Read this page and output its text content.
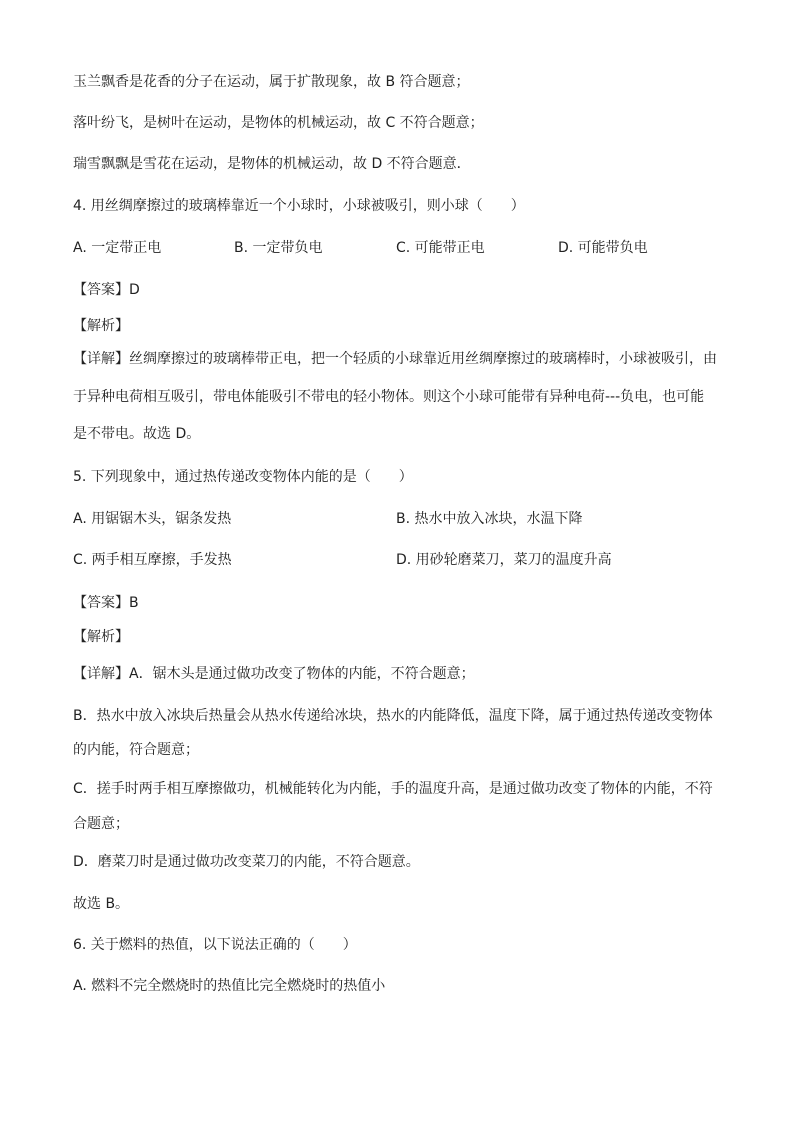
玉兰飘香是花香的分子在运动，属于扩散现象，故 B 符合题意；
落叶纷飞，是树叶在运动，是物体的机械运动，故 C 不符合题意；
瑞雪飘飘是雪花在运动，是物体的机械运动，故 D 不符合题意．
4. 用丝绸摩擦过的玻璃棒靠近一个小球时，小球被吸引，则小球（　　）
A. 一定带正电	B. 一定带负电	C. 可能带正电	D. 可能带负电
【答案】D
【解析】
【详解】丝绸摩擦过的玻璃棒带正电，把一个轻质的小球靠近用丝绸摩擦过的玻璃棒时，小球被吸引，由
于异种电荷相互吸引，带电体能吸引不带电的轻小物体。则这个小球可能带有异种电荷---负电，也可能
是不带电。故选 D。
5. 下列现象中，通过热传递改变物体内能的是（　　）
A. 用锯锯木头，锯条发热	B. 热水中放入冰块，水温下降
C. 两手相互摩擦，手发热	D. 用砂轮磨菜刀，菜刀的温度升高
【答案】B
【解析】
【详解】A．锯木头是通过做功改变了物体的内能，不符合题意；
B．热水中放入冰块后热量会从热水传递给冰块，热水的内能降低，温度下降，属于通过热传递改变物体
的内能，符合题意；
C．搓手时两手相互摩擦做功，机械能转化为内能，手的温度升高，是通过做功改变了物体的内能，不符
合题意；
D．磨菜刀时是通过做功改变菜刀的内能，不符合题意。
故选 B。
6. 关于燃料的热值，以下说法正确的（　　）
A. 燃料不完全燃烧时的热值比完全燃烧时的热值小
